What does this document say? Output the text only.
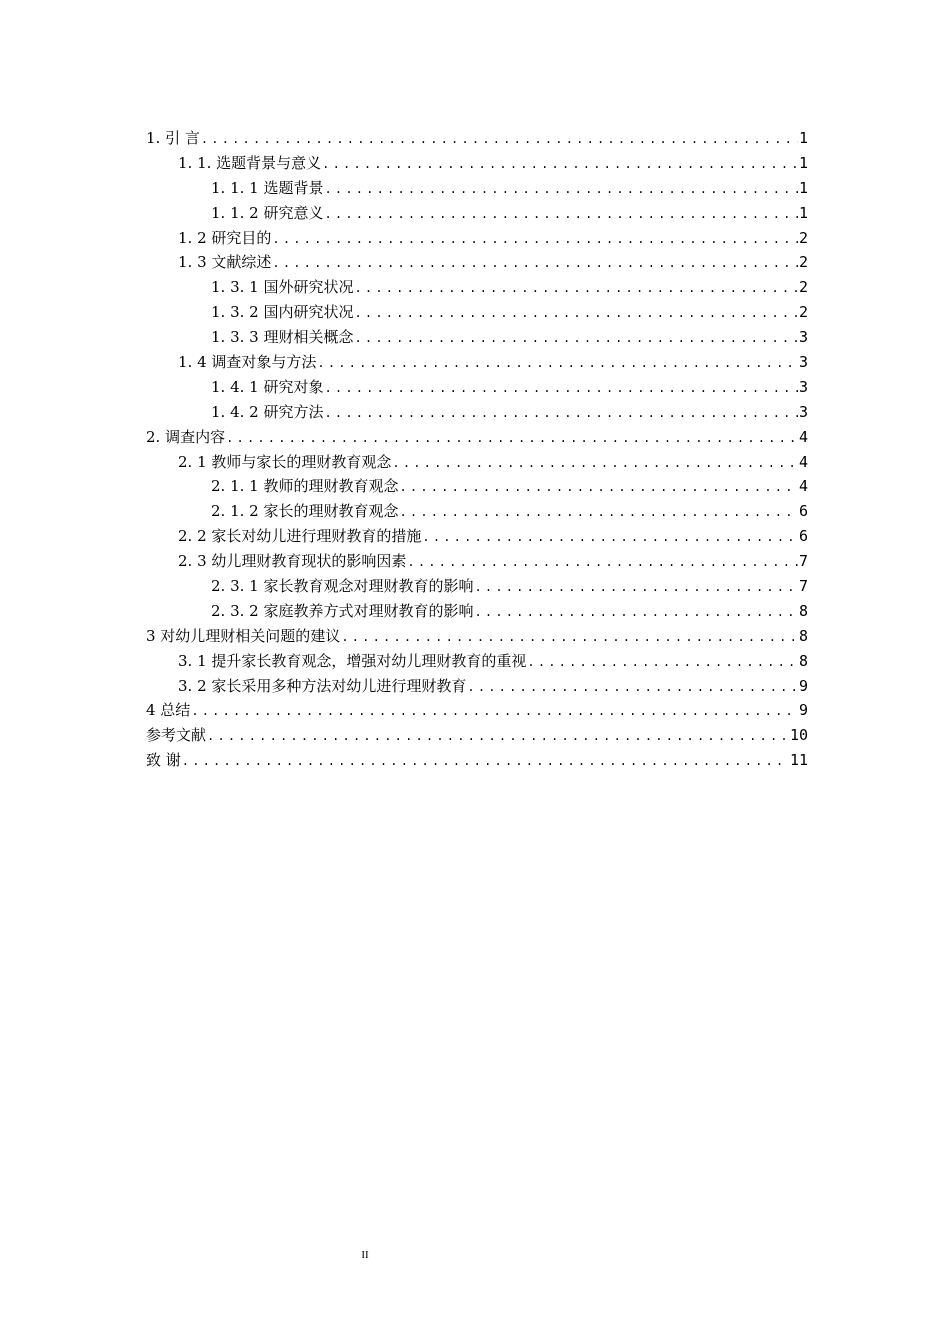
1. 引 言 .....	1
1. 1. 选题背景与意义 .....	1
1. 1. 1 选题背景 .....	1
1. 1. 2 研究意义 .....	1
1. 2 研究目的 .....	2
1. 3 文献综述 .....	2
1. 3. 1 国外研究状况 .....	2
1. 3. 2 国内研究状况 .....	2
1. 3. 3 理财相关概念 .....	3
1. 4 调查对象与方法 .....	3
1. 4. 1 研究对象 .....	3
1. 4. 2 研究方法 .....	3
2. 调查内容 .....	4
2. 1 教师与家长的理财教育观念 .....	4
2. 1. 1 教师的理财教育观念 .....	4
2. 1. 2 家长的理财教育观念 .....	6
2. 2 家长对幼儿进行理财教育的措施 .....	6
2. 3 幼儿理财教育现状的影响因素 .....	7
2. 3. 1 家长教育观念对理财教育的影响 .....	7
2. 3. 2 家庭教养方式对理财教育的影响 .....	8
3 对幼儿理财相关问题的建议 .....	8
3. 1 提升家长教育观念，增强对幼儿理财教育的重视 .....	8
3. 2 家长采用多种方法对幼儿进行理财教育 .....	9
4 总结 .....	9
参考文献 .....	10
致 谢 .....	11
II
